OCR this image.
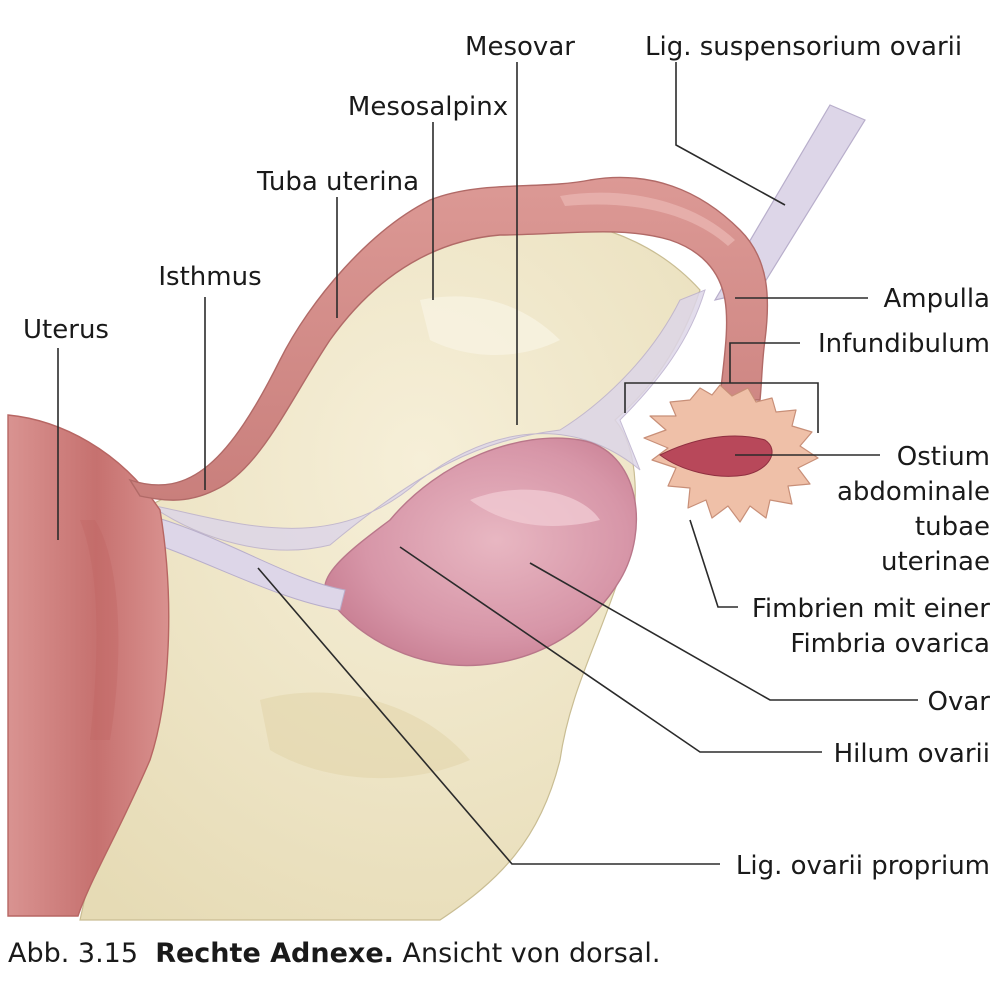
Mesovar	Lig. suspensorium ovarii
Mesosalpinx
Tuba uterina
Isthmus
Uterus
Ampulla
Infundibulum
Ostium
abdominale
tubae
uterinae
Fimbrien mit einer
Fimbria ovarica
Ovar
Hilum ovarii
Lig. ovarii proprium
Abb. 3.15 Rechte Adnexe. Ansicht von dorsal.
